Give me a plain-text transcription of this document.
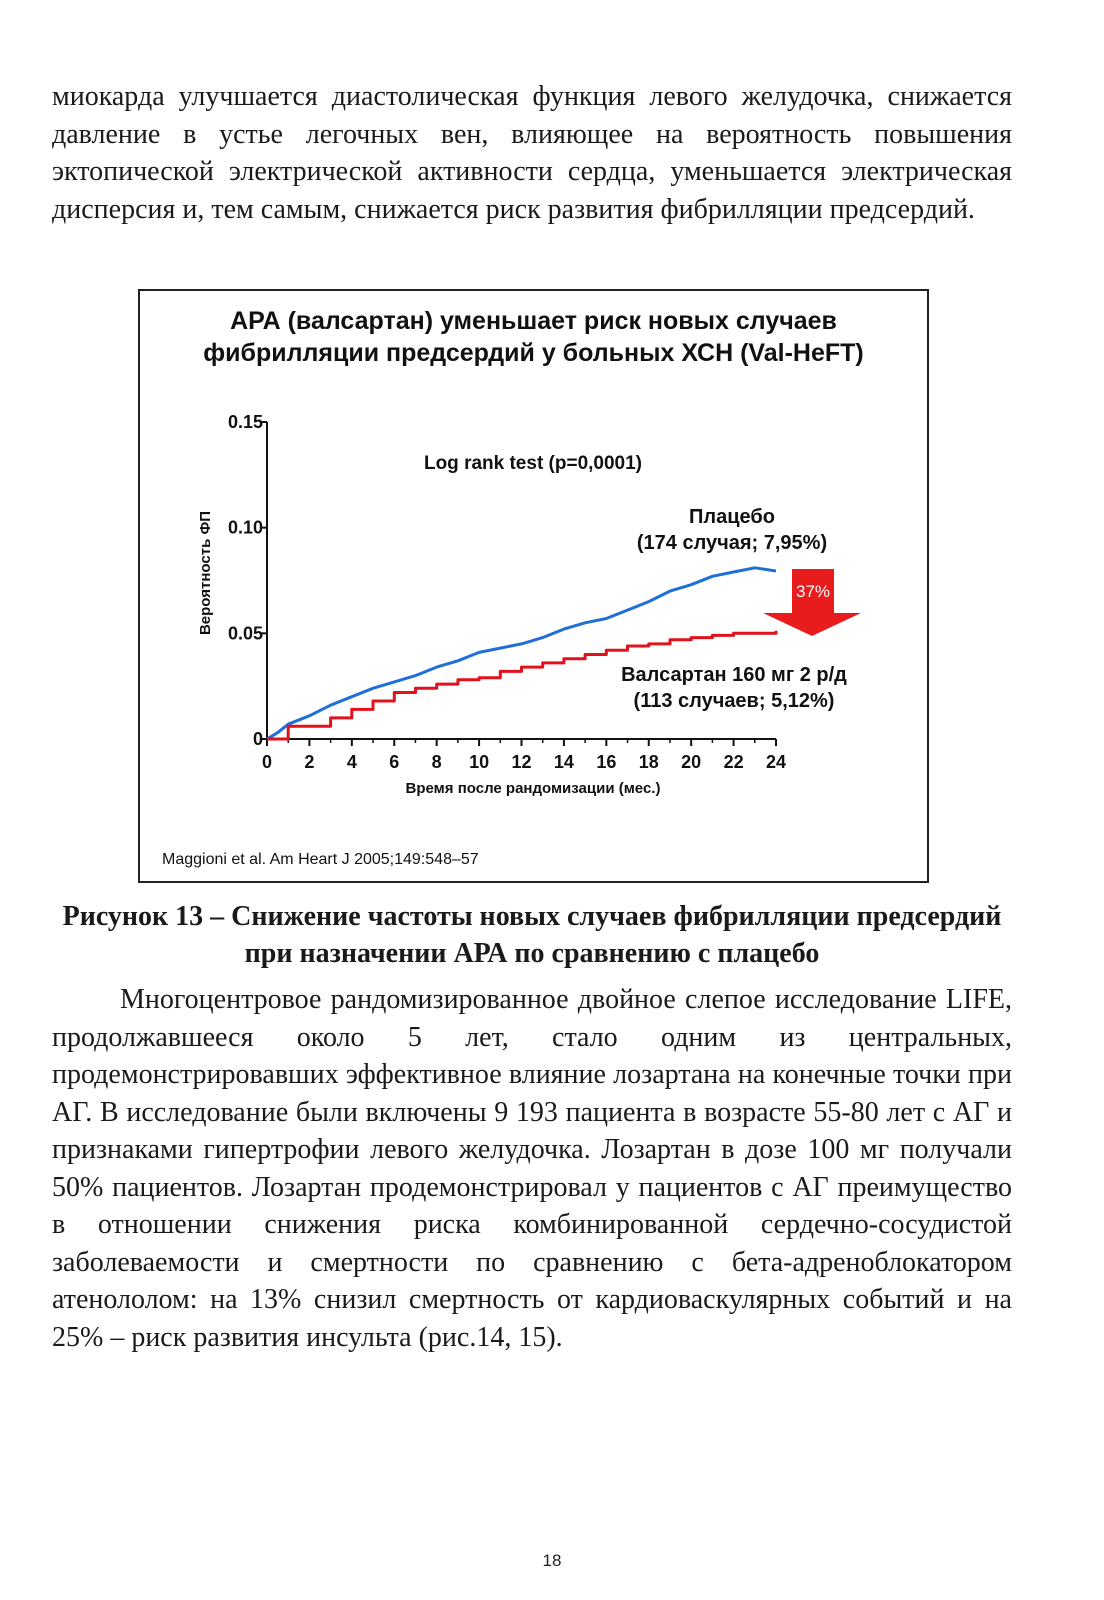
миокарда улучшается диастолическая функция левого желудочка, снижается давление в устье легочных вен, влияющее на вероятность повышения эктопической электрической активности сердца, уменьшается электрическая дисперсия и, тем самым, снижается риск развития фибрилляции предсердий.

АРА (валсартан) уменьшает риск новых случаев фибрилляции предсердий у больных ХСН (Val-HeFT)
0 2 4 6 8 10 12 14 16 18 20 22 24
0
0.05
0.10
0.15
Log rank test (p=0,0001)
Плацебо
(174 случая; 7,95%)
Валсартан 160 мг 2 р/д
(113 случаев; 5,12%)
37%
Вероятность ФП
Время после рандомизации (мес.)
Maggioni et al. Am Heart J 2005;149:548–57
Рисунок 13 – Снижение частоты новых случаев фибрилляции предсердий при назначении АРА по сравнению с плацебо

Многоцентровое рандомизированное двойное слепое исследование LIFE, продолжавшееся около 5 лет, стало одним из центральных, продемонстрировавших эффективное влияние лозартана на конечные точки при АГ. В исследование были включены 9 193 пациента в возрасте 55-80 лет с АГ и признаками гипертрофии левого желудочка. Лозартан в дозе 100 мг получали 50% пациентов. Лозартан продемонстрировал у пациентов с АГ преимущество в отношении снижения риска комбинированной сердечно-сосудистой заболеваемости и смертности по сравнению с бета-адреноблокатором атенололом: на 13% снизил смертность от кардиоваскулярных событий и на 25% – риск развития инсульта (рис.14, 15).

18
